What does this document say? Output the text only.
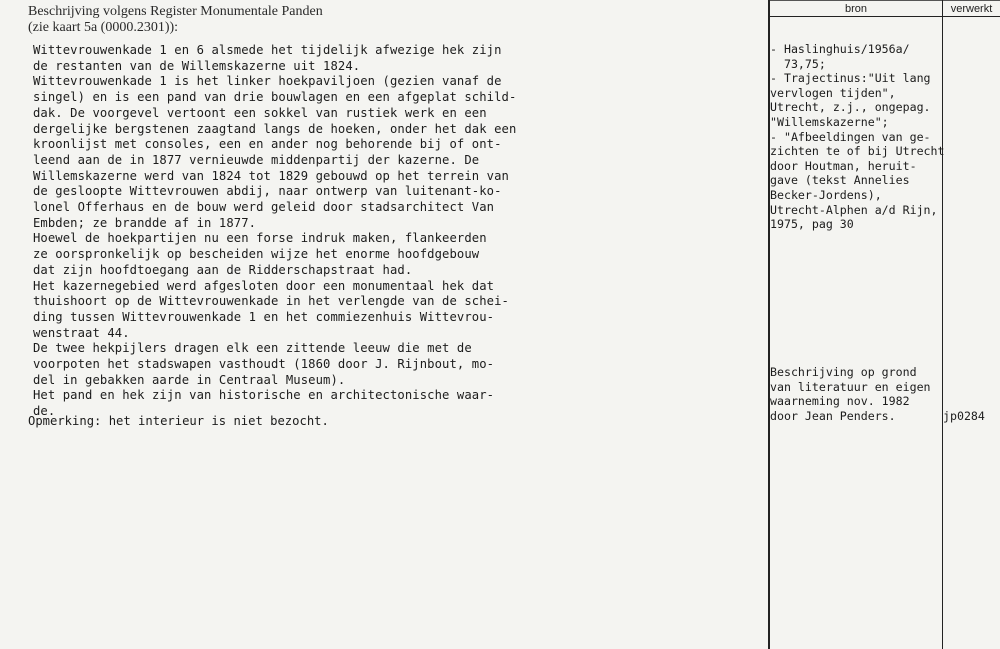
Beschrijving volgens Register Monumentale Panden
(zie kaart 5a (0000.2301)):
Wittevrouwenkade 1 en 6 alsmede het tijdelijk afwezige hek zijn
de restanten van de Willemskazerne uit 1824.
Wittevrouwenkade 1 is het linker hoekpaviljoen (gezien vanaf de
singel) en is een pand van drie bouwlagen en een afgeplat schild-
dak. De voorgevel vertoont een sokkel van rustiek werk en een
dergelijke bergstenen zaagtand langs de hoeken, onder het dak een
kroonlijst met consoles, een en ander nog behorende bij of ont-
leend aan de in 1877 vernieuwde middenpartij der kazerne. De
Willemskazerne werd van 1824 tot 1829 gebouwd op het terrein van
de gesloopte Wittevrouwen abdij, naar ontwerp van luitenant-ko-
lonel Offerhaus en de bouw werd geleid door stadsarchitect Van
Embden; ze brandde af in 1877.
Hoewel de hoekpartijen nu een forse indruk maken, flankeerden
ze oorspronkelijk op bescheiden wijze het enorme hoofdgebouw
dat zijn hoofdtoegang aan de Ridderschapstraat had.
Het kazernegebied werd afgesloten door een monumentaal hek dat
thuishoort op de Wittevrouwenkade in het verlengde van de schei-
ding tussen Wittevrouwenkade 1 en het commiezenhuis Wittevrou-
wenstraat 44.
De twee hekpijlers dragen elk een zittende leeuw die met de
voorpoten het stadswapen vasthoudt (1860 door J. Rijnbout, mo-
del in gebakken aarde in Centraal Museum).
Het pand en hek zijn van historische en architectonische waar-
de.
Opmerking: het interieur is niet bezocht.
bron	verwerkt
- Haslinghuis/1956a/
73,75;
- Trajectinus:"Uit lang
vervlogen tijden",
Utrecht, z.j., ongepag.
"Willemskazerne";
- "Afbeeldingen van ge-
zichten te of bij Utrecht
door Houtman, heruit-
gave (tekst Annelies
Becker-Jordens),
Utrecht-Alphen a/d Rijn,
1975, pag 30
Beschrijving op grond
van literatuur en eigen
waarneming nov. 1982
door Jean Penders.	jp0284
